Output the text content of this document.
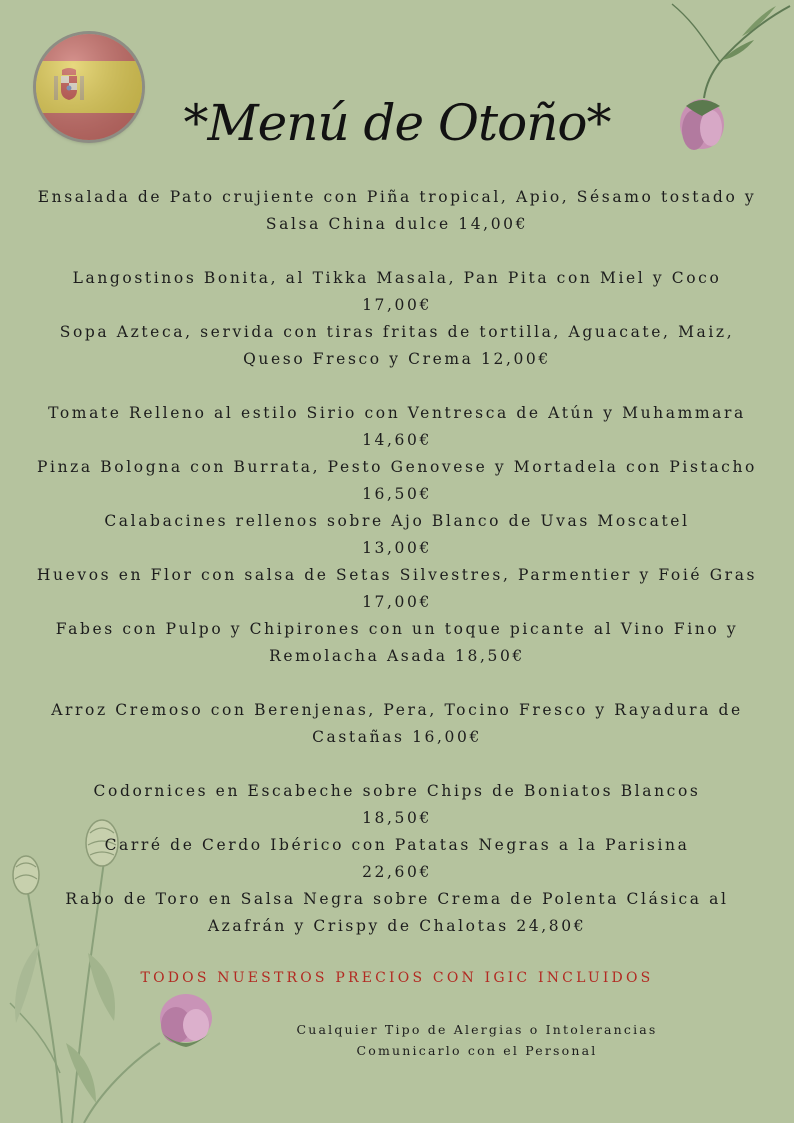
*Menú de Otoño*
Ensalada de Pato crujiente con Piña tropical, Apio, Sésamo tostado y
Salsa China dulce 14,00€
Langostinos Bonita, al Tikka Masala, Pan Pita con Miel y Coco
17,00€
Sopa Azteca, servida con tiras fritas de tortilla, Aguacate, Maiz,
Queso Fresco y Crema 12,00€
Tomate Relleno al estilo Sirio con Ventresca de Atún y Muhammara
14,60€
Pinza Bologna con Burrata, Pesto Genovese y Mortadela con Pistacho
16,50€
Calabacines rellenos sobre Ajo Blanco de Uvas Moscatel
13,00€
Huevos en Flor con salsa de Setas Silvestres, Parmentier y Foié Gras
17,00€
Fabes con Pulpo y Chipirones con un toque picante al Vino Fino y
Remolacha Asada 18,50€
Arroz Cremoso con Berenjenas, Pera, Tocino Fresco y Rayadura de
Castañas 16,00€
Codornices en Escabeche sobre Chips de Boniatos Blancos
18,50€
Carré de Cerdo Ibérico con Patatas Negras a la Parisina
22,60€
Rabo de Toro en Salsa Negra sobre Crema de Polenta Clásica al
Azafrán y Crispy de Chalotas 24,80€
TODOS NUESTROS PRECIOS CON IGIC INCLUIDOS
Cualquier Tipo de Alergias o Intolerancias
Comunicarlo con el Personal
